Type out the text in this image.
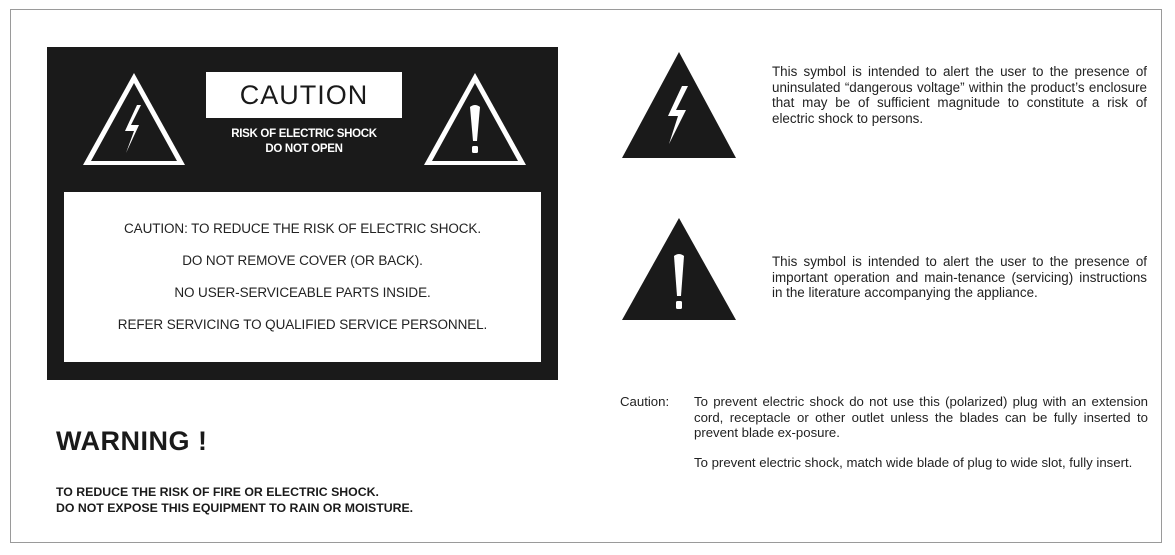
CAUTION
RISK OF ELECTRIC SHOCK
DO NOT OPEN
CAUTION: TO REDUCE THE RISK OF ELECTRIC SHOCK.
DO NOT REMOVE COVER (OR BACK).
NO USER-SERVICEABLE PARTS INSIDE.
REFER SERVICING TO QUALIFIED SERVICE PERSONNEL.
WARNING !
TO REDUCE THE RISK OF FIRE OR ELECTRIC SHOCK.
DO NOT EXPOSE THIS EQUIPMENT TO RAIN OR MOISTURE.
This symbol is intended to alert the user to the presence of uninsulated “dangerous voltage” within the product’s enclosure that may be of sufficient magnitude to constitute a risk of electric shock to persons.
This symbol is intended to alert the user to the presence of important operation and main-tenance (servicing) instructions in the literature accompanying the appliance.
Caution: To prevent electric shock do not use this (polarized) plug with an extension cord, receptacle or other outlet unless the blades can be fully inserted to prevent blade ex-posure.
To prevent electric shock, match wide blade of plug to wide slot, fully insert.
